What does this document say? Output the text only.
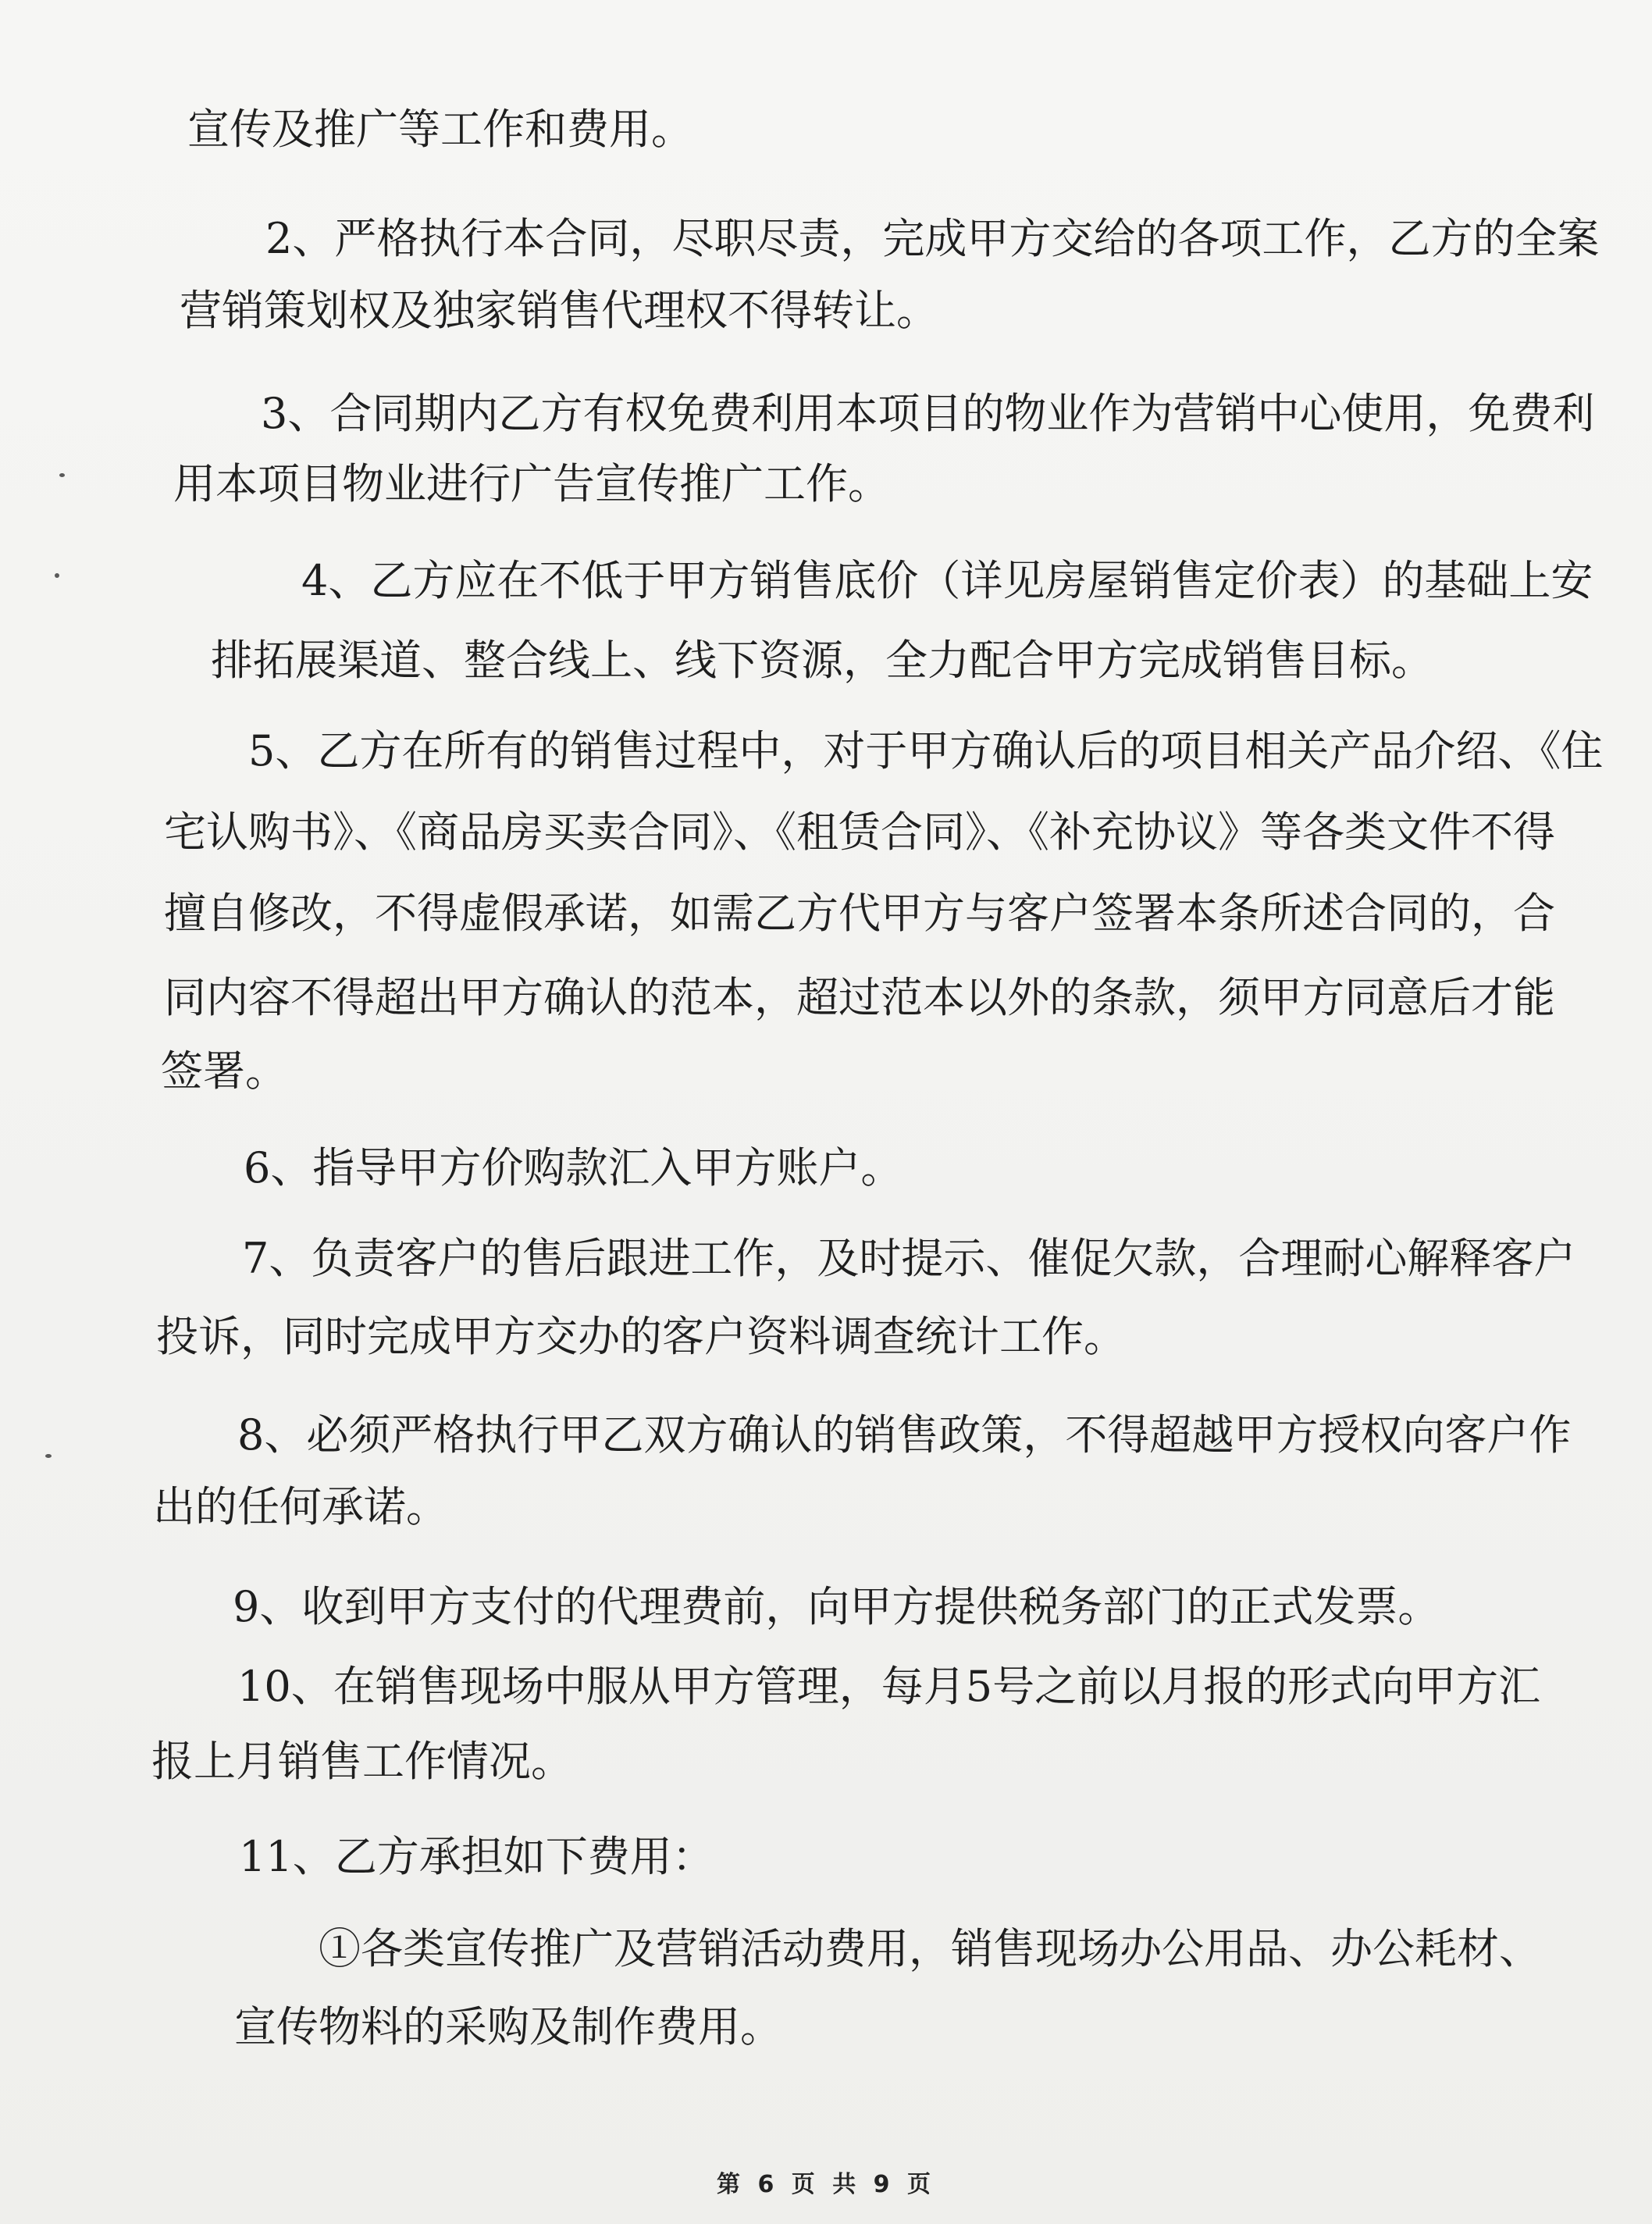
宣传及推广等工作和费用。
2、严格执行本合同，尽职尽责，完成甲方交给的各项工作，乙方的全案
营销策划权及独家销售代理权不得转让。
3、合同期内乙方有权免费利用本项目的物业作为营销中心使用，免费利
用本项目物业进行广告宣传推广工作。
4、乙方应在不低于甲方销售底价（详见房屋销售定价表）的基础上安
排拓展渠道、整合线上、线下资源，全力配合甲方完成销售目标。
5、乙方在所有的销售过程中，对于甲方确认后的项目相关产品介绍、《住
宅认购书》、《商品房买卖合同》、《租赁合同》、《补充协议》等各类文件不得
擅自修改，不得虚假承诺，如需乙方代甲方与客户签署本条所述合同的，合
同内容不得超出甲方确认的范本，超过范本以外的条款，须甲方同意后才能
签署。
6、指导甲方价购款汇入甲方账户。
7、负责客户的售后跟进工作，及时提示、催促欠款，合理耐心解释客户
投诉，同时完成甲方交办的客户资料调查统计工作。
8、必须严格执行甲乙双方确认的销售政策，不得超越甲方授权向客户作
出的任何承诺。
9、收到甲方支付的代理费前，向甲方提供税务部门的正式发票。
10、在销售现场中服从甲方管理，每月5号之前以月报的形式向甲方汇
报上月销售工作情况。
11、乙方承担如下费用：
①各类宣传推广及营销活动费用，销售现场办公用品、办公耗材、
宣传物料的采购及制作费用。
第 6 页 共 9 页
